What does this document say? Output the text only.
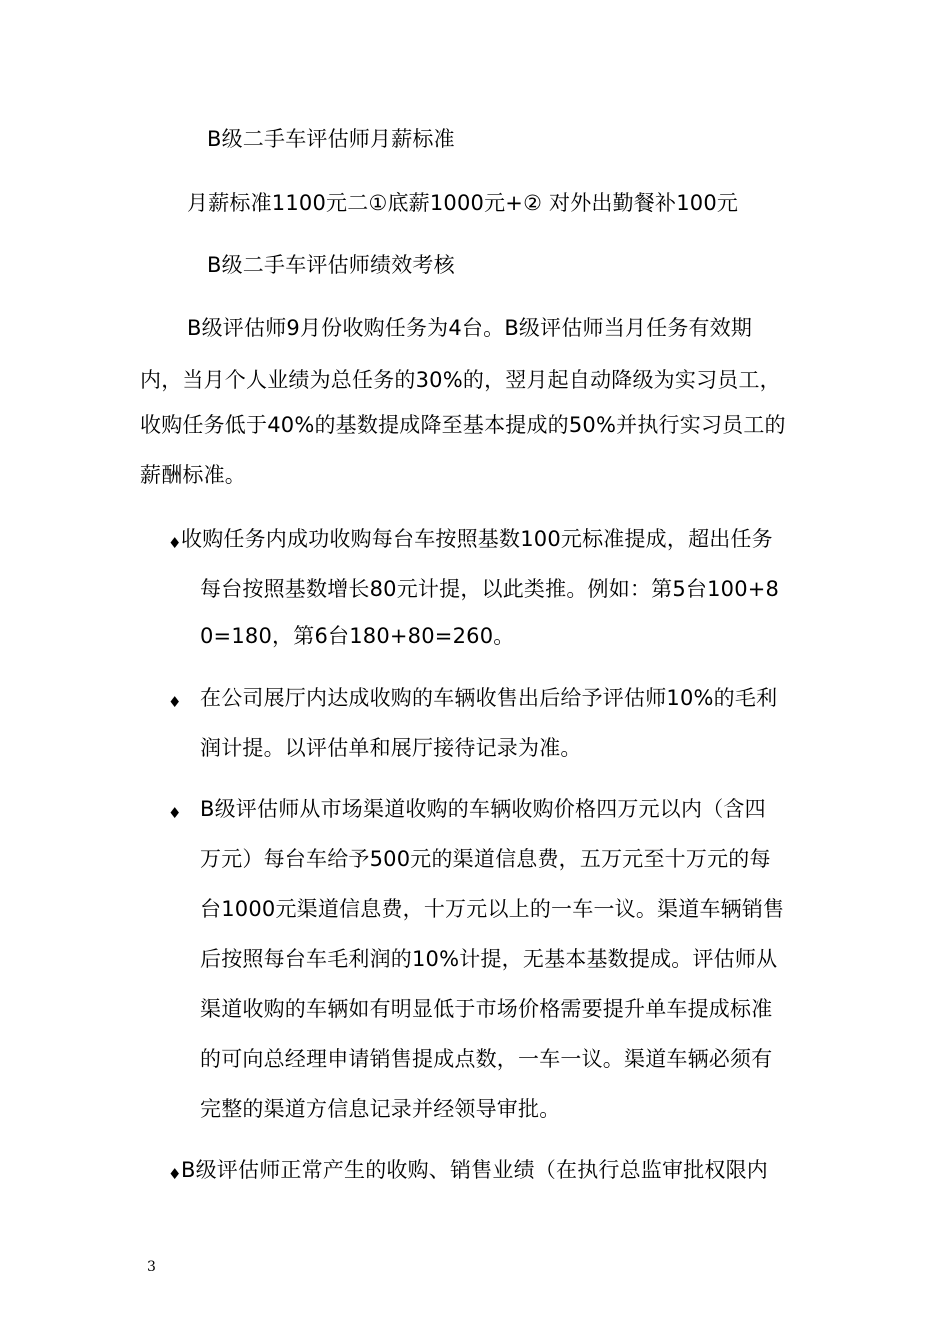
B级二手车评估师月薪标准
月薪标准1100元二①底薪1000元+② 对外出勤餐补100元
B级二手车评估师绩效考核
B级评估师9月份收购任务为4台。B级评估师当月任务有效期
内，当月个人业绩为总任务的30%的，翌月起自动降级为实习员工，
收购任务低于40%的基数提成降至基本提成的50%并执行实习员工的
薪酬标准。
♦ 收购任务内成功收购每台车按照基数100元标准提成，超出任务
每台按照基数增长80元计提，以此类推。例如：第5台100+8
0=180，第6台180+80=260。
♦ 在公司展厅内达成收购的车辆收售出后给予评估师10%的毛利
润计提。以评估单和展厅接待记录为准。
♦ B级评估师从市场渠道收购的车辆收购价格四万元以内（含四
万元）每台车给予500元的渠道信息费，五万元至十万元的每
台1000元渠道信息费，十万元以上的一车一议。渠道车辆销售
后按照每台车毛利润的10%计提，无基本基数提成。评估师从
渠道收购的车辆如有明显低于市场价格需要提升单车提成标准
的可向总经理申请销售提成点数，一车一议。渠道车辆必须有
完整的渠道方信息记录并经领导审批。
♦ B级评估师正常产生的收购、销售业绩（在执行总监审批权限内
3
